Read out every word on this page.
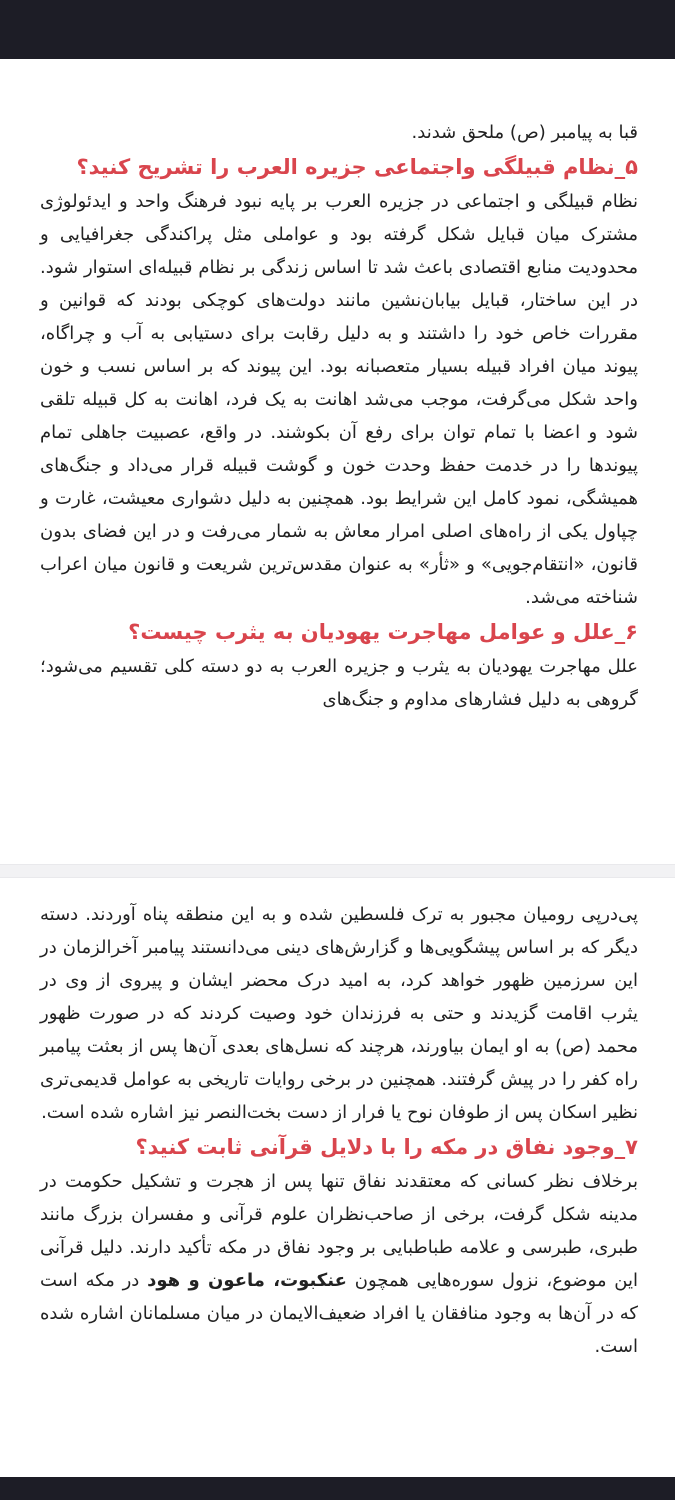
قبا به پیامبر (ص) ملحق شدند.

۵_نظام قبیلگی واجتماعی جزیره العرب را تشریح کنید؟

نظام قبیلگی و اجتماعی در جزیره العرب بر پایه نبود فرهنگ واحد و ایدئولوژی مشترک میان قبایل شکل گرفته بود و عواملی مثل پراکندگی جغرافیایی و محدودیت منابع اقتصادی باعث شد تا اساس زندگی بر نظام قبیله‌ای استوار شود. در این ساختار، قبایل بیابان‌نشین مانند دولت‌های کوچکی بودند که قوانین و مقررات خاص خود را داشتند و به دلیل رقابت برای دستیابی به آب و چراگاه، پیوند میان افراد قبیله بسیار متعصبانه بود. این پیوند که بر اساس نسب و خون واحد شکل می‌گرفت، موجب می‌شد اهانت به یک فرد، اهانت به کل قبیله تلقی شود و اعضا با تمام توان برای رفع آن بکوشند. در واقع، عصبیت جاهلی تمام پیوندها را در خدمت حفظ وحدت خون و گوشت قبیله قرار می‌داد و جنگ‌های همیشگی، نمود کامل این شرایط بود. همچنین به دلیل دشواری معیشت، غارت و چپاول یکی از راه‌های اصلی امرار معاش به شمار می‌رفت و در این فضای بدون قانون، «انتقام‌جویی» و «ثأر» به عنوان مقدس‌ترین شریعت و قانون میان اعراب شناخته می‌شد.

۶_علل و عوامل مهاجرت یهودیان به یثرب چیست؟

علل مهاجرت یهودیان به یثرب و جزیره العرب به دو دسته کلی تقسیم می‌شود؛ گروهی به دلیل فشارهای مداوم و جنگ‌های

پی‌درپی رومیان مجبور به ترک فلسطین شده و به این منطقه پناه آوردند. دسته دیگر که بر اساس پیشگویی‌ها و گزارش‌های دینی می‌دانستند پیامبر آخرالزمان در این سرزمین ظهور خواهد کرد، به امید درک محضر ایشان و پیروی از وی در یثرب اقامت گزیدند و حتی به فرزندان خود وصیت کردند که در صورت ظهور محمد (ص) به او ایمان بیاورند، هرچند که نسل‌های بعدی آن‌ها پس از بعثت پیامبر راه کفر را در پیش گرفتند. همچنین در برخی روایات تاریخی به عوامل قدیمی‌تری نظیر اسکان پس از طوفان نوح یا فرار از دست بخت‌النصر نیز اشاره شده است.

۷_وجود نفاق در مکه را با دلایل قرآنی ثابت کنید؟

برخلاف نظر کسانی که معتقدند نفاق تنها پس از هجرت و تشکیل حکومت در مدینه شکل گرفت، برخی از صاحب‌نظران علوم قرآنی و مفسران بزرگ مانند طبری، طبرسی و علامه طباطبایی بر وجود نفاق در مکه تأکید دارند. دلیل قرآنی این موضوع، نزول سوره‌هایی همچون عنکبوت، ماعون و هود در مکه است که در آن‌ها به وجود منافقان یا افراد ضعیف‌الایمان در میان مسلمانان اشاره شده است.
